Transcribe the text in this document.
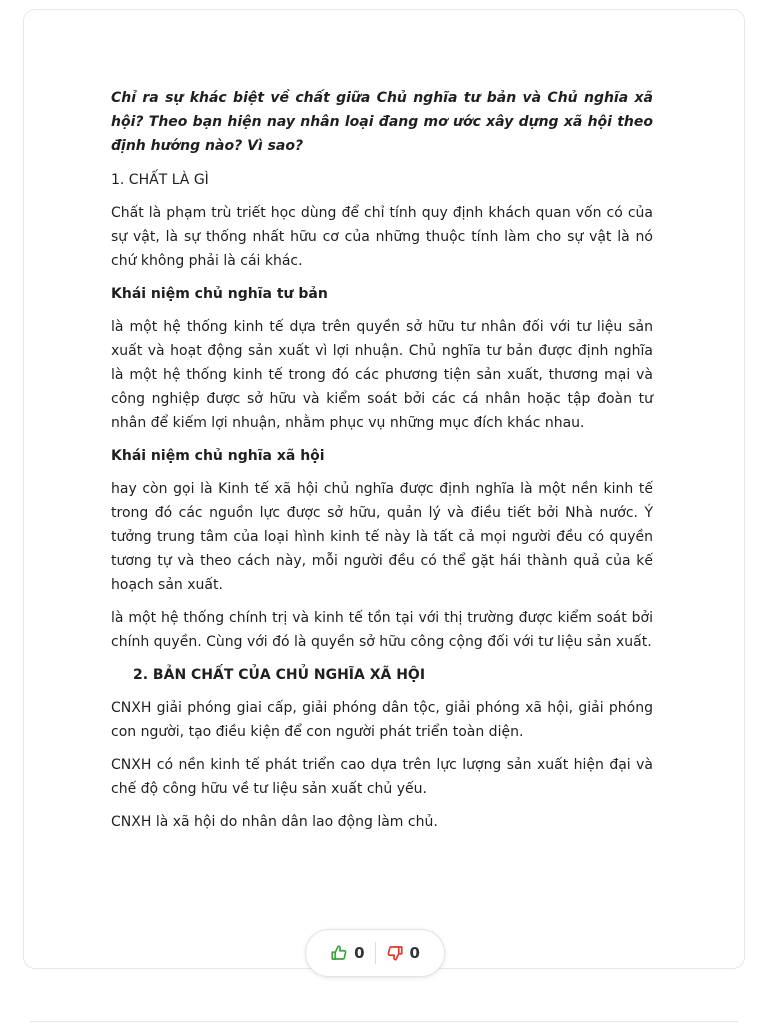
Chỉ ra sự khác biệt về chất giữa Chủ nghĩa tư bản và Chủ nghĩa xã hội? Theo bạn hiện nay nhân loại đang mơ ước xây dựng xã hội theo định hướng nào? Vì sao?

1. CHẤT LÀ GÌ

Chất là phạm trù triết học dùng để chỉ tính quy định khách quan vốn có của sự vật, là sự thống nhất hữu cơ của những thuộc tính làm cho sự vật là nó chứ không phải là cái khác.

Khái niệm chủ nghĩa tư bản

là một hệ thống kinh tế dựa trên quyền sở hữu tư nhân đối với tư liệu sản xuất và hoạt động sản xuất vì lợi nhuận. Chủ nghĩa tư bản được định nghĩa là một hệ thống kinh tế trong đó các phương tiện sản xuất, thương mại và công nghiệp được sở hữu và kiểm soát bởi các cá nhân hoặc tập đoàn tư nhân để kiếm lợi nhuận, nhằm phục vụ những mục đích khác nhau.

Khái niệm chủ nghĩa xã hội

hay còn gọi là Kinh tế xã hội chủ nghĩa được định nghĩa là một nền kinh tế trong đó các nguồn lực được sở hữu, quản lý và điều tiết bởi Nhà nước. Ý tưởng trung tâm của loại hình kinh tế này là tất cả mọi người đều có quyền tương tự và theo cách này, mỗi người đều có thể gặt hái thành quả của kế hoạch sản xuất.

là một hệ thống chính trị và kinh tế tồn tại với thị trường được kiểm soát bởi chính quyền. Cùng với đó là quyền sở hữu công cộng đối với tư liệu sản xuất.

2. BẢN CHẤT CỦA CHỦ NGHĨA XÃ HỘI

CNXH giải phóng giai cấp, giải phóng dân tộc, giải phóng xã hội, giải phóng con người, tạo điều kiện để con người phát triển toàn diện.

CNXH có nền kinh tế phát triển cao dựa trên lực lượng sản xuất hiện đại và chế độ công hữu về tư liệu sản xuất chủ yếu.

CNXH là xã hội do nhân dân lao động làm chủ.

0	0
